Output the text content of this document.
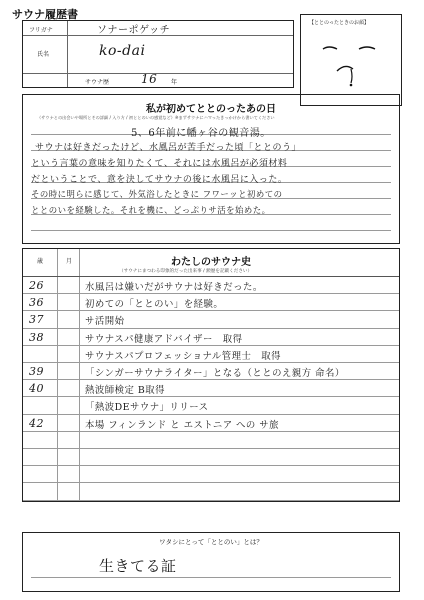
サウナ履歴書
フリガナ	ソナーポゲッチ
氏名	ko-dai
サウナ歴	16 年
【ととのったときのお顔】
私が初めてととのったあの日
（サウナとの出会いや場所とその詳細 / 入り方 / 初ととのいの感覚など）※まずサウナにハマったきっかけから書いてください
5、6年前に幡ヶ谷の観音湯。
サウナは好きだったけど、水風呂が苦手だった頃「ととのう」
という言葉の意味を知りたくて、それには水風呂が必須材料
だということで、意を決してサウナの後に水風呂に入った。
その時に明らに感じて、外気浴したときに フワーッと初めての
ととのいを経験した。それを機に、どっぷりサ活を始めた。
わたしのサウナ史
（サウナにまつわる印象的だった出来事 / 勲歴を記載ください）
歳	月
26	水風呂は嫌いだがサウナは好きだった。
36	初めての「ととのい」を経験。
37	サ活開始
38	サウナスパ健康アドバイザー　取得
サウナスパプロフェッショナル管理士　取得
39	「シンガーサウナライター」となる（ととのえ親方 命名）
40	熱波師検定 B取得
「熱波DEサウナ」リリース
42	本場 フィンランド と エストニア への サ旅
ワタシにとって「ととのい」とは？
生きてる証
